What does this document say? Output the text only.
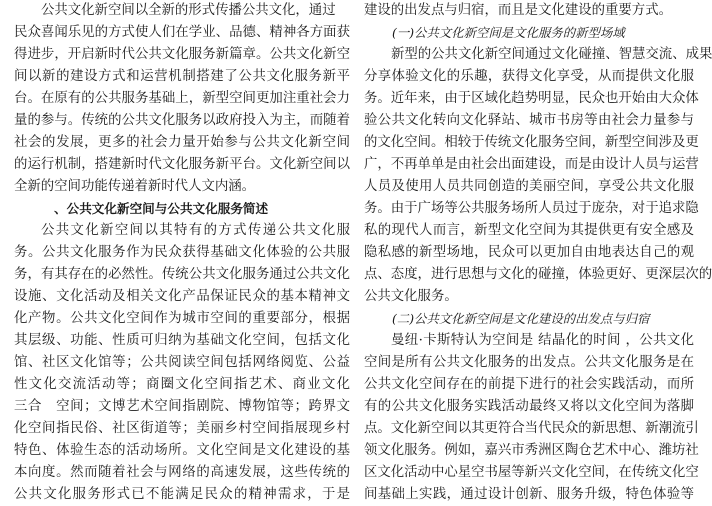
公共文化新空间以全新的形式传播公共文化，通过
民众喜闻乐见的方式使人们在学业、品德、精神各方面获
得进步，开启新时代公共文化服务新篇章。公共文化新空
间以新的建设方式和运营机制搭建了公共文化服务新平
台。在原有的公共服务基础上，新型空间更加注重社会力
量的参与。传统的公共文化服务以政府投入为主，而随着
社会的发展，更多的社会力量开始参与公共文化新空间
的运行机制，搭建新时代文化服务新平台。文化新空间以
全新的空间功能传递着新时代人文内涵。
、公共文化新空间与公共文化服务简述
公共文化新空间以其特有的方式传递公共文化服
务。公共文化服务作为民众获得基础文化体验的公共服
务，有其存在的必然性。传统公共文化服务通过公共文化
设施、文化活动及相关文化产品保证民众的基本精神文
化产物。公共文化空间作为城市空间的重要部分，根据
其层级、功能、性质可归纳为基础文化空间，包括文化
馆、社区文化馆等；公共阅读空间包括网络阅览、公益
性文化交流活动等；商圈文化空间指艺术、商业文化
三合　空间；文博艺术空间指剧院、博物馆等；跨界文
化空间指民俗、社区街道等；美丽乡村空间指展现乡村
特色、体验生态的活动场所。文化空间是文化建设的基
本向度。然而随着社会与网络的高速发展，这些传统的
公共文化服务形式已不能满足民众的精神需求，于是
建设的出发点与归宿，而且是文化建设的重要方式。
(一)公共文化新空间是文化服务的新型场域
新型的公共文化新空间通过文化碰撞、智慧交流、成果
分享体验文化的乐趣，获得文化享受，从而提供文化服
务。近年来，由于区域化趋势明显，民众也开始由大众体
验公共文化转向文化驿站、城市书房等由社会力量参与
的文化空间。相较于传统文化服务空间，新型空间涉及更
广，不再单单是由社会出面建设，而是由设计人员与运营
人员及使用人员共同创造的美丽空间，享受公共文化服
务。由于广场等公共服务场所人员过于庞杂，对于追求隐
私的现代人而言，新型文化空间为其提供更有安全感及
隐私感的新型场地，民众可以更加自由地表达自己的观
点、态度，进行思想与文化的碰撞，体验更好、更深层次的
公共文化服务。
(二)公共文化新空间是文化建设的出发点与归宿
曼纽·卡斯特认为空间是 结晶化的时间 ，公共文化
空间是所有公共文化服务的出发点。公共文化服务是在
公共文化空间存在的前提下进行的社会实践活动，而所
有的公共文化服务实践活动最终又将以文化空间为落脚
点。文化新空间以其更符合当代民众的新思想、新潮流引
领文化服务。例如，嘉兴市秀洲区陶仓艺术中心、潍坊社
区文化活动中心星空书屋等新兴文化空间，在传统文化空
间基础上实践，通过设计创新、服务升级，特色体验等
